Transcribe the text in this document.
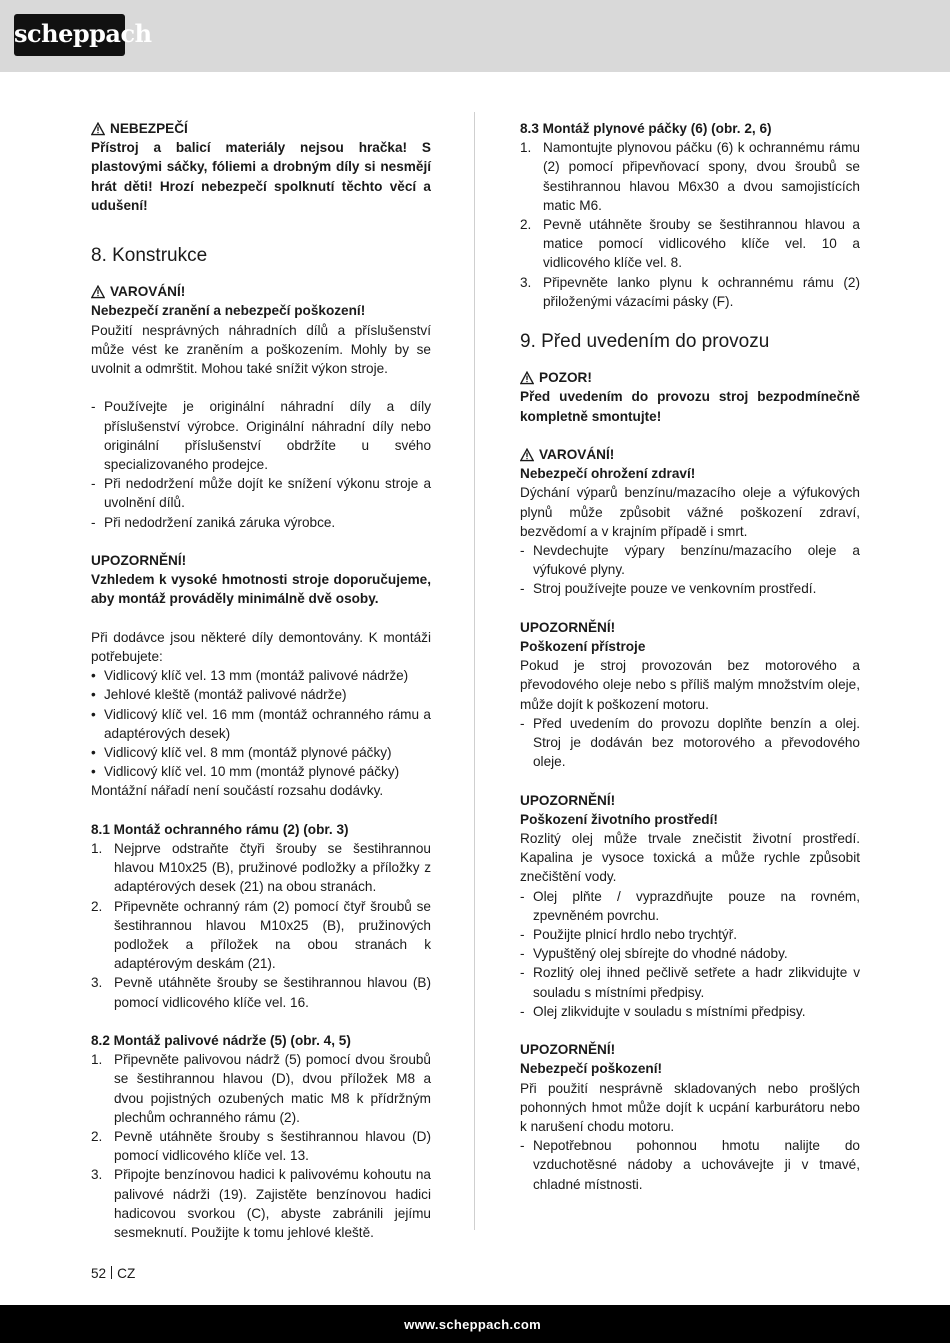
scheppach
NEBEZPEČÍ

Přístroj a balicí materiály nejsou hračka! S plastovými sáčky, fóliemi a drobným díly si nesmějí hrát děti! Hrozí nebezpečí spolknutí těchto věcí a udušení!

8. Konstrukce
VAROVÁNÍ!

Nebezpečí zranění a nebezpečí poškození!

Použití nesprávných náhradních dílů a příslušenství může vést ke zraněním a poškozením. Mohly by se uvolnit a odmrštit. Mohou také snížit výkon stroje.

- Používejte je originální náhradní díly a díly příslušenství výrobce. Originální náhradní díly nebo originální příslušenství obdržíte u svého specializovaného prodejce.
- Při nedodržení může dojít ke snížení výkonu stroje a uvolnění dílů.
- Při nedodržení zaniká záruka výrobce.

UPOZORNĚNÍ!

Vzhledem k vysoké hmotnosti stroje doporučujeme, aby montáž prováděly minimálně dvě osoby.

Při dodávce jsou některé díly demontovány. K montáži potřebujete:

• Vidlicový klíč vel. 13 mm (montáž palivové nádrže)
• Jehlové kleště (montáž palivové nádrže)
• Vidlicový klíč vel. 16 mm (montáž ochranného rámu a adaptérových desek)
• Vidlicový klíč vel. 8 mm (montáž plynové páčky)
• Vidlicový klíč vel. 10 mm (montáž plynové páčky)

Montážní nářadí není součástí rozsahu dodávky.

8.1 Montáž ochranného rámu (2) (obr. 3)
1. Nejprve odstraňte čtyři šrouby se šestihrannou hlavou M10x25 (B), pružinové podložky a příložky z adaptérových desek (21) na obou stranách.
2. Připevněte ochranný rám (2) pomocí čtyř šroubů se šestihrannou hlavou M10x25 (B), pružinových podložek a příložek na obou stranách k adaptérovým deskám (21).
3. Pevně utáhněte šrouby se šestihrannou hlavou (B) pomocí vidlicového klíče vel. 16.
8.2 Montáž palivové nádrže (5) (obr. 4, 5)
1. Připevněte palivovou nádrž (5) pomocí dvou šroubů se šestihrannou hlavou (D), dvou příložek M8 a dvou pojistných ozubených matic M8 k přídržným plechům ochranného rámu (2).
2. Pevně utáhněte šrouby s šestihrannou hlavou (D) pomocí vidlicového klíče vel. 13.
3. Připojte benzínovou hadici k palivovému kohoutu na palivové nádrži (19). Zajistěte benzínovou hadici hadicovou svorkou (C), abyste zabránili jejímu sesmeknutí. Použijte k tomu jehlové kleště.
8.3 Montáž plynové páčky (6) (obr. 2, 6)
1. Namontujte plynovou páčku (6) k ochrannému rámu (2) pomocí připevňovací spony, dvou šroubů se šestihrannou hlavou M6x30 a dvou samojistících matic M6.
2. Pevně utáhněte šrouby se šestihrannou hlavou a matice pomocí vidlicového klíče vel. 10 a vidlicového klíče vel. 8.
3. Připevněte lanko plynu k ochrannému rámu (2) přiloženými vázacími pásky (F).
9. Před uvedením do provozu
POZOR!

Před uvedením do provozu stroj bezpodmínečně kompletně smontujte!

VAROVÁNÍ!

Nebezpečí ohrožení zdraví!

Dýchání výparů benzínu/mazacího oleje a výfukových plynů může způsobit vážné poškození zdraví, bezvědomí a v krajním případě i smrt.

- Nevdechujte výpary benzínu/mazacího oleje a výfukové plyny.
- Stroj používejte pouze ve venkovním prostředí.

UPOZORNĚNÍ!

Poškození přístroje

Pokud je stroj provozován bez motorového a převodového oleje nebo s příliš malým množstvím oleje, může dojít k poškození motoru.

- Před uvedením do provozu doplňte benzín a olej. Stroj je dodáván bez motorového a převodového oleje.

UPOZORNĚNÍ!

Poškození životního prostředí!

Rozlitý olej může trvale znečistit životní prostředí. Kapalina je vysoce toxická a může rychle způsobit znečištění vody.

- Olej plňte / vyprazdňujte pouze na rovném, zpevněném povrchu.
- Použijte plnicí hrdlo nebo trychtýř.
- Vypuštěný olej sbírejte do vhodné nádoby.
- Rozlitý olej ihned pečlivě setřete a hadr zlikvidujte v souladu s místními předpisy.
- Olej zlikvidujte v souladu s místními předpisy.

UPOZORNĚNÍ!

Nebezpečí poškození!

Při použití nesprávně skladovaných nebo prošlých pohonných hmot může dojít k ucpání karburátoru nebo k narušení chodu motoru.

- Nepotřebnou pohonnou hmotu nalijte do vzduchotěsné nádoby a uchovávejte ji v tmavé, chladné místnosti.
52 CZ
www.scheppach.com
